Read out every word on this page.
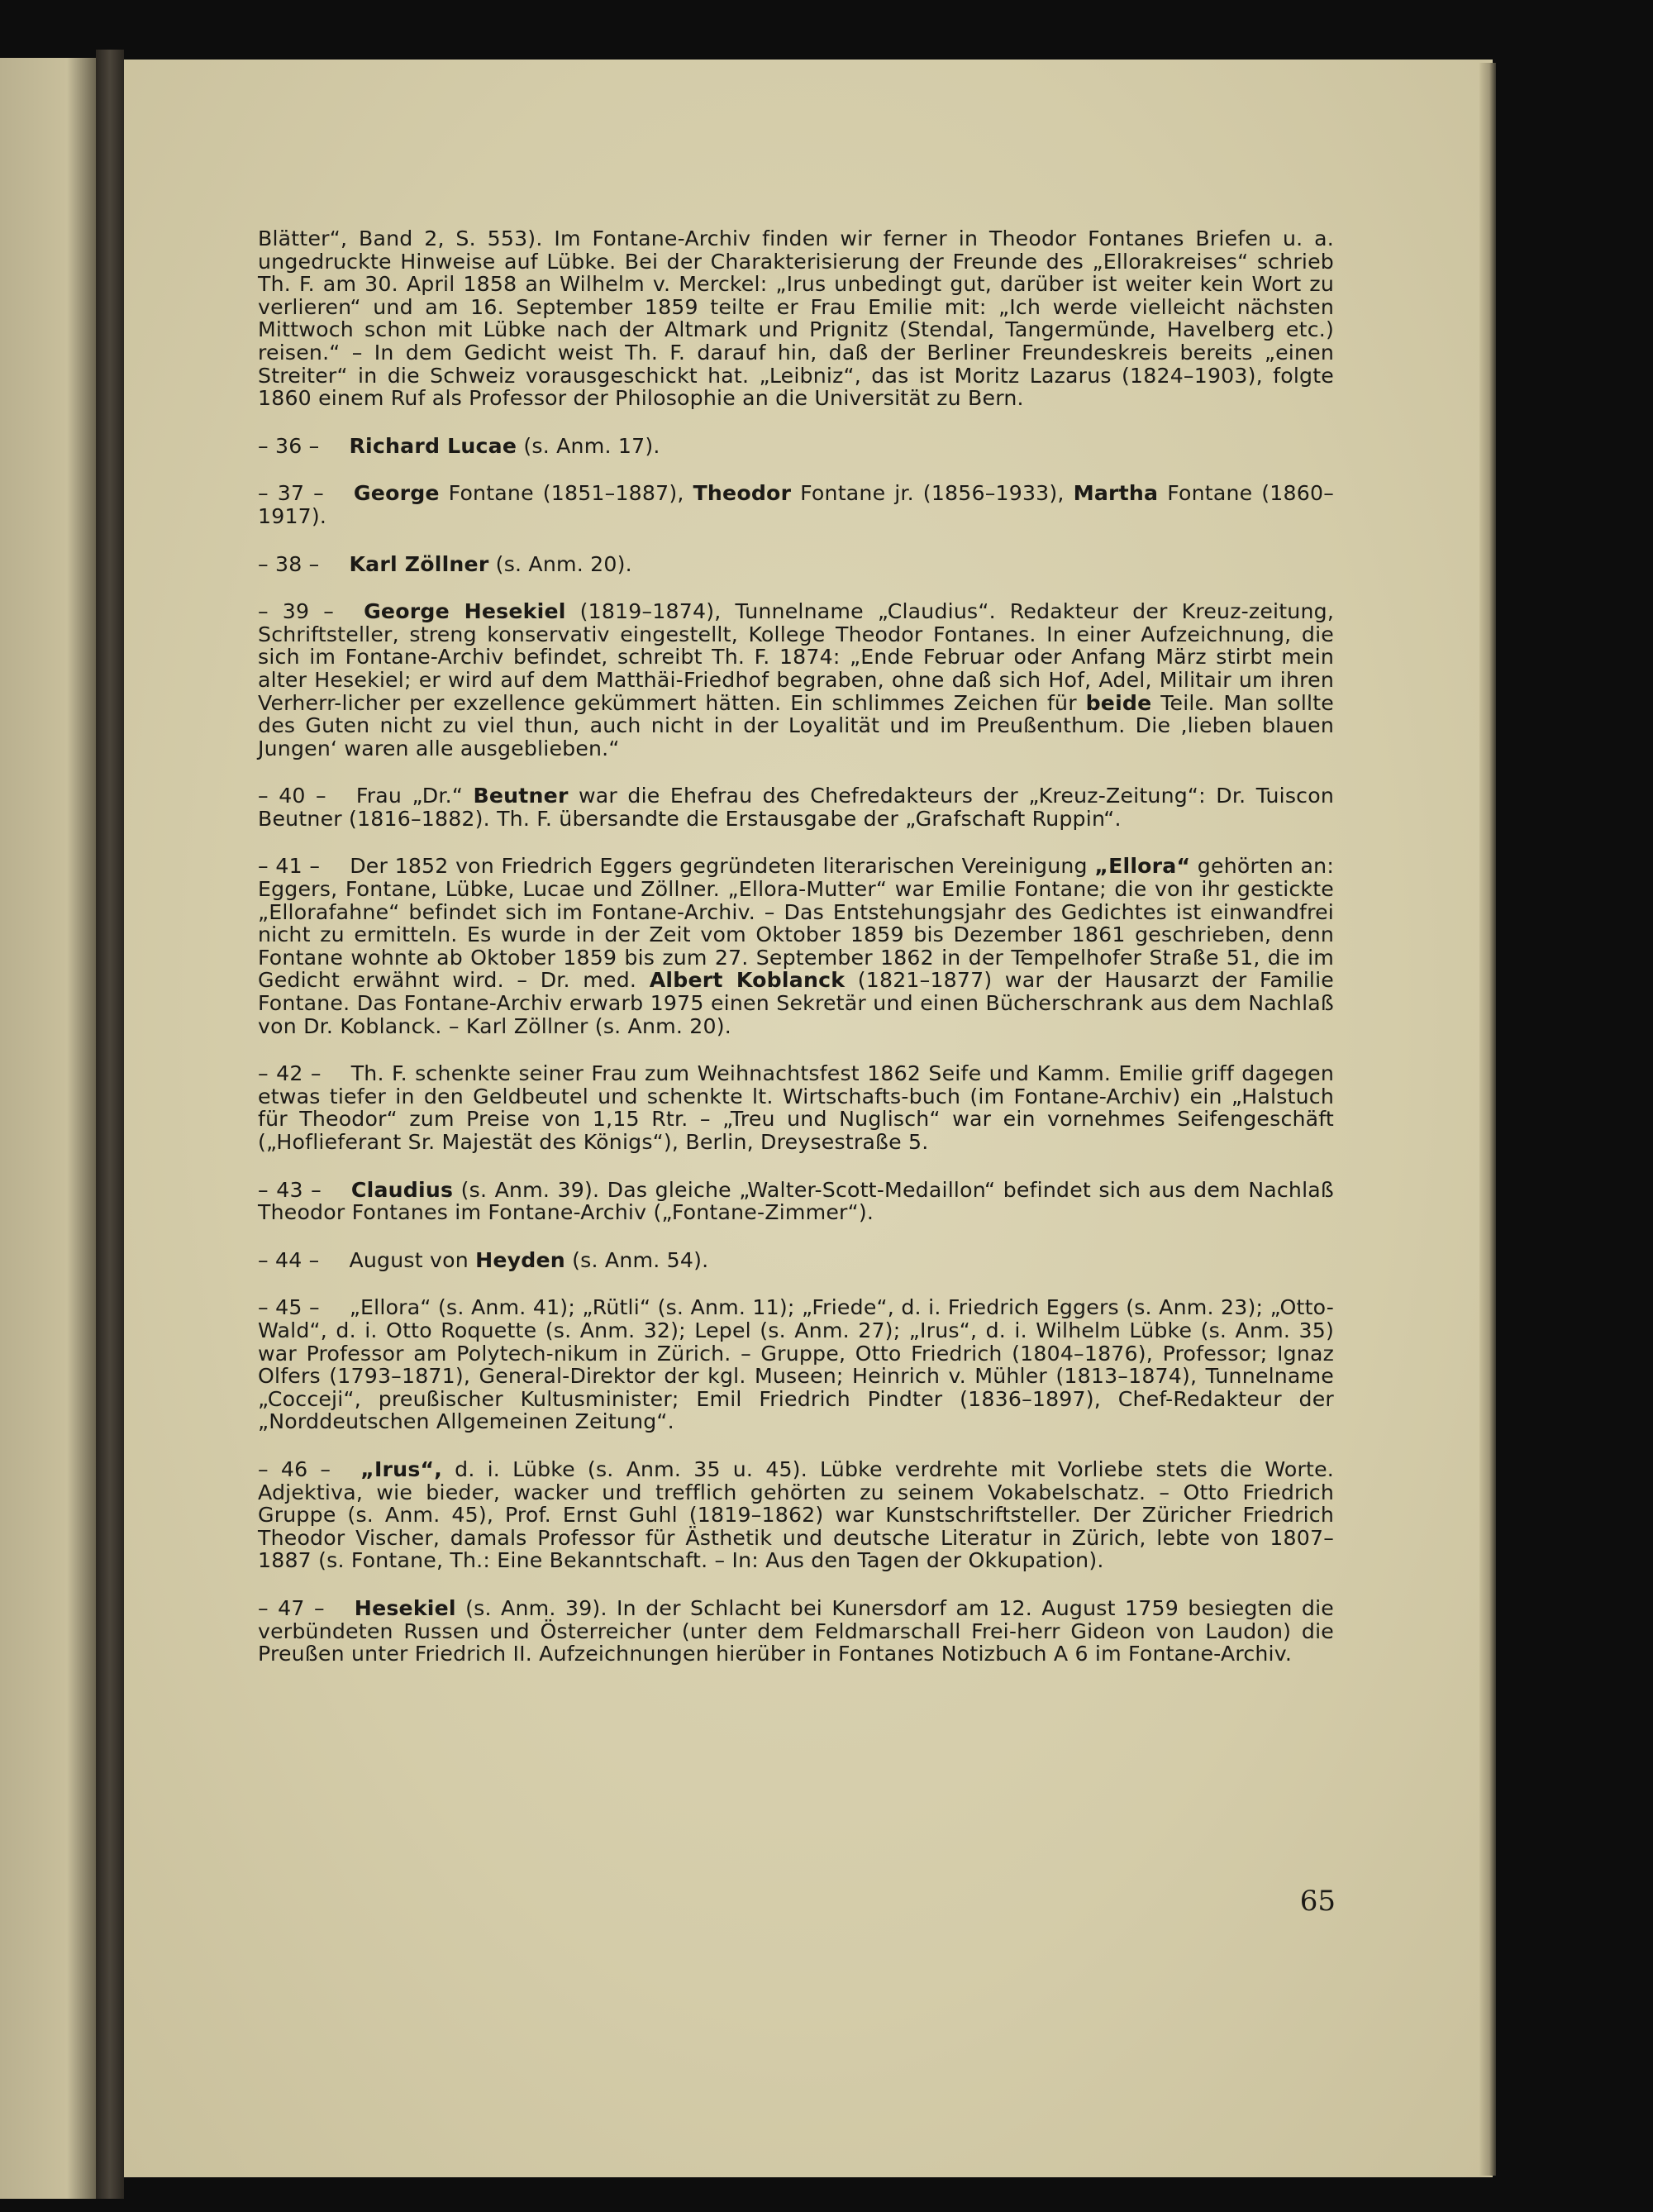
Blätter“, Band 2, S. 553). Im Fontane-Archiv finden wir ferner in Theodor Fontanes Briefen u. a. ungedruckte Hinweise auf Lübke. Bei der Charakterisierung der Freunde des „Ellorakreises“ schrieb Th. F. am 30. April 1858 an Wilhelm v. Merckel: „Irus unbedingt gut, darüber ist weiter kein Wort zu verlieren“ und am 16. September 1859 teilte er Frau Emilie mit: „Ich werde vielleicht nächsten Mittwoch schon mit Lübke nach der Altmark und Prignitz (Stendal, Tangermünde, Havelberg etc.) reisen.“ – In dem Gedicht weist Th. F. darauf hin, daß der Berliner Freundeskreis bereits „einen Streiter“ in die Schweiz vorausgeschickt hat. „Leibniz“, das ist Moritz Lazarus (1824–1903), folgte 1860 einem Ruf als Professor der Philosophie an die Universität zu Bern.

– 36 – Richard Lucae (s. Anm. 17).

– 37 – George Fontane (1851–1887), Theodor Fontane jr. (1856–1933), Martha Fontane (1860–1917).

– 38 – Karl Zöllner (s. Anm. 20).

– 39 – George Hesekiel (1819–1874), Tunnelname „Claudius“. Redakteur der Kreuz-zeitung, Schriftsteller, streng konservativ eingestellt, Kollege Theodor Fontanes. In einer Aufzeichnung, die sich im Fontane-Archiv befindet, schreibt Th. F. 1874: „Ende Februar oder Anfang März stirbt mein alter Hesekiel; er wird auf dem Matthäi-Friedhof begraben, ohne daß sich Hof, Adel, Militair um ihren Verherr-licher per exzellence gekümmert hätten. Ein schlimmes Zeichen für beide Teile. Man sollte des Guten nicht zu viel thun, auch nicht in der Loyalität und im Preußenthum. Die ‚lieben blauen Jungen‘ waren alle ausgeblieben.“

– 40 – Frau „Dr.“ Beutner war die Ehefrau des Chefredakteurs der „Kreuz-Zeitung“: Dr. Tuiscon Beutner (1816–1882). Th. F. übersandte die Erstausgabe der „Grafschaft Ruppin“.

– 41 – Der 1852 von Friedrich Eggers gegründeten literarischen Vereinigung „Ellora“ gehörten an: Eggers, Fontane, Lübke, Lucae und Zöllner. „Ellora-Mutter“ war Emilie Fontane; die von ihr gestickte „Ellorafahne“ befindet sich im Fontane-Archiv. – Das Entstehungsjahr des Gedichtes ist einwandfrei nicht zu ermitteln. Es wurde in der Zeit vom Oktober 1859 bis Dezember 1861 geschrieben, denn Fontane wohnte ab Oktober 1859 bis zum 27. September 1862 in der Tempelhofer Straße 51, die im Gedicht erwähnt wird. – Dr. med. Albert Koblanck (1821–1877) war der Hausarzt der Familie Fontane. Das Fontane-Archiv erwarb 1975 einen Sekretär und einen Bücherschrank aus dem Nachlaß von Dr. Koblanck. – Karl Zöllner (s. Anm. 20).

– 42 – Th. F. schenkte seiner Frau zum Weihnachtsfest 1862 Seife und Kamm. Emilie griff dagegen etwas tiefer in den Geldbeutel und schenkte lt. Wirtschafts-buch (im Fontane-Archiv) ein „Halstuch für Theodor“ zum Preise von 1,15 Rtr. – „Treu und Nuglisch“ war ein vornehmes Seifengeschäft („Hoflieferant Sr. Majestät des Königs“), Berlin, Dreysestraße 5.

– 43 – Claudius (s. Anm. 39). Das gleiche „Walter-Scott-Medaillon“ befindet sich aus dem Nachlaß Theodor Fontanes im Fontane-Archiv („Fontane-Zimmer“).

– 44 – August von Heyden (s. Anm. 54).

– 45 – „Ellora“ (s. Anm. 41); „Rütli“ (s. Anm. 11); „Friede“, d. i. Friedrich Eggers (s. Anm. 23); „Otto-Wald“, d. i. Otto Roquette (s. Anm. 32); Lepel (s. Anm. 27); „Irus“, d. i. Wilhelm Lübke (s. Anm. 35) war Professor am Polytech-nikum in Zürich. – Gruppe, Otto Friedrich (1804–1876), Professor; Ignaz Olfers (1793–1871), General-Direktor der kgl. Museen; Heinrich v. Mühler (1813–1874), Tunnelname „Cocceji“, preußischer Kultusminister; Emil Friedrich Pindter (1836–1897), Chef-Redakteur der „Norddeutschen Allgemeinen Zeitung“.

– 46 – „Irus“, d. i. Lübke (s. Anm. 35 u. 45). Lübke verdrehte mit Vorliebe stets die Worte. Adjektiva, wie bieder, wacker und trefflich gehörten zu seinem Vokabelschatz. – Otto Friedrich Gruppe (s. Anm. 45), Prof. Ernst Guhl (1819–1862) war Kunstschriftsteller. Der Züricher Friedrich Theodor Vischer, damals Professor für Ästhetik und deutsche Literatur in Zürich, lebte von 1807–1887 (s. Fontane, Th.: Eine Bekanntschaft. – In: Aus den Tagen der Okkupation).

– 47 – Hesekiel (s. Anm. 39). In der Schlacht bei Kunersdorf am 12. August 1759 besiegten die verbündeten Russen und Österreicher (unter dem Feldmarschall Frei-herr Gideon von Laudon) die Preußen unter Friedrich II. Aufzeichnungen hierüber in Fontanes Notizbuch A 6 im Fontane-Archiv.

65
